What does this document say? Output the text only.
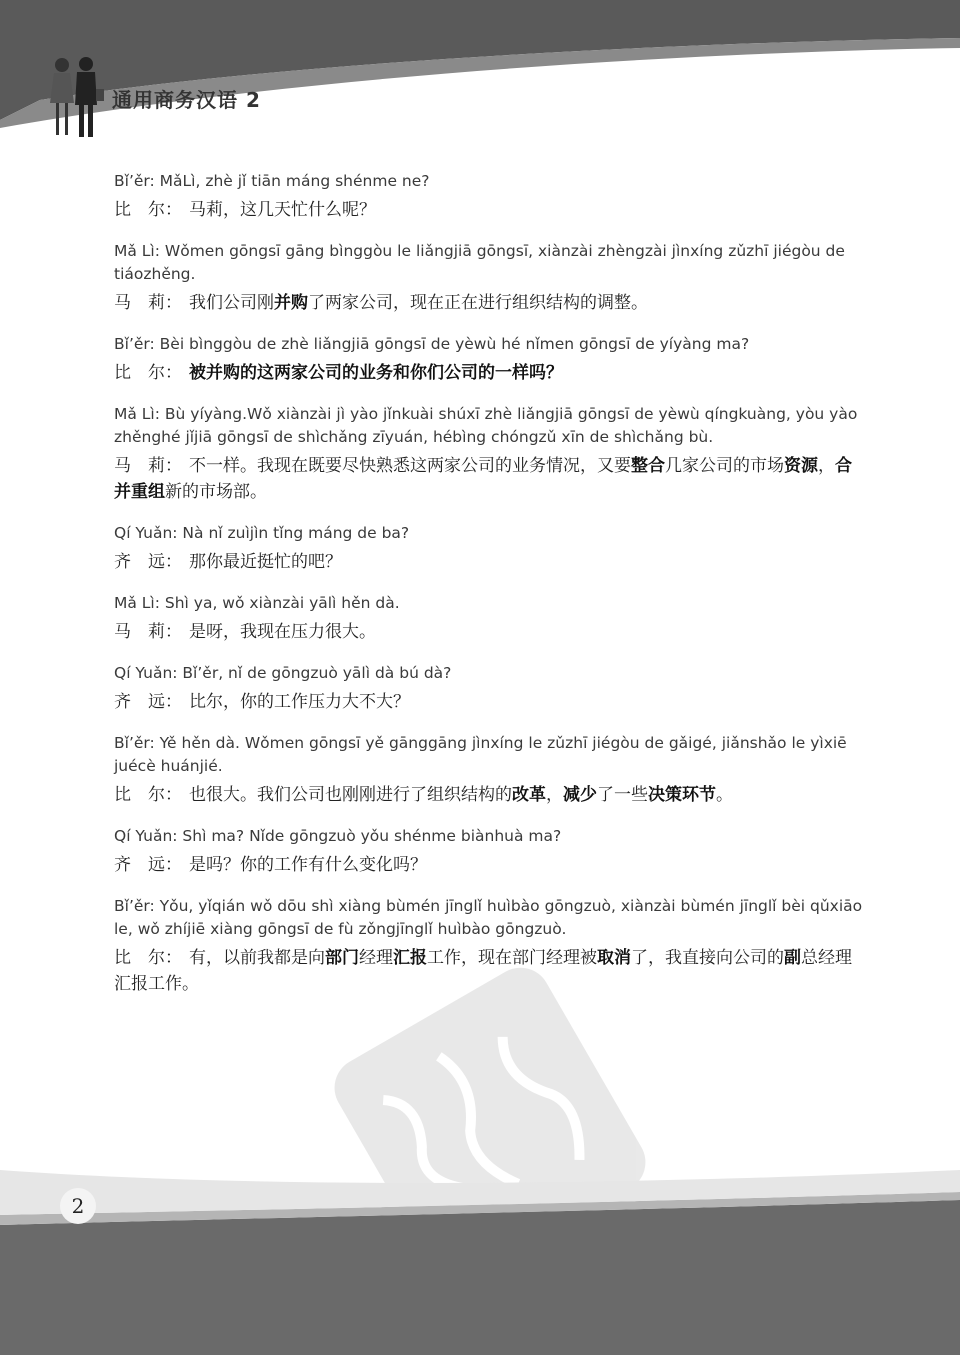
通用商务汉语 2
Bǐ’ěr: MǎLì, zhè jǐ tiān máng shénme ne?
比　尔： 马莉，这几天忙什么呢？
Mǎ Lì: Wǒmen gōngsī gāng bìnggòu le liǎngjiā gōngsī, xiànzài zhèngzài jìnxíng zǔzhī jiégòu de tiáozhěng.
马　莉： 我们公司刚并购了两家公司，现在正在进行组织结构的调整。
Bǐ’ěr: Bèi bìnggòu de zhè liǎngjiā gōngsī de yèwù hé nǐmen gōngsī de yíyàng ma?
比　尔： 被并购的这两家公司的业务和你们公司的一样吗？
Mǎ Lì: Bù yíyàng.Wǒ xiànzài jì yào jǐnkuài shúxī zhè liǎngjiā gōngsī de yèwù qíngkuàng, yòu yào zhěnghé jǐjiā gōngsī de shìchǎng zīyuán, hébìng chóngzǔ xīn de shìchǎng bù.
马　莉： 不一样。我现在既要尽快熟悉这两家公司的业务情况，又要整合几家公司的市场资源，合并重组新的市场部。
Qí Yuǎn: Nà nǐ zuìjìn tǐng máng de ba?
齐　远： 那你最近挺忙的吧？
Mǎ Lì: Shì ya, wǒ xiànzài yālì hěn dà.
马　莉： 是呀，我现在压力很大。
Qí Yuǎn: Bǐ’ěr, nǐ de gōngzuò yālì dà bú dà?
齐　远： 比尔，你的工作压力大不大？
Bǐ’ěr: Yě hěn dà. Wǒmen gōngsī yě gānggāng jìnxíng le zǔzhī jiégòu de gǎigé, jiǎnshǎo le yìxiē juécè huánjié.
比　尔： 也很大。我们公司也刚刚进行了组织结构的改革，减少了一些决策环节。
Qí Yuǎn: Shì ma? Nǐde gōngzuò yǒu shénme biànhuà ma?
齐　远： 是吗？你的工作有什么变化吗？
Bǐ’ěr: Yǒu, yǐqián wǒ dōu shì xiàng bùmén jīnglǐ huìbào gōngzuò, xiànzài bùmén jīnglǐ bèi qǔxiāo le, wǒ zhíjiē xiàng gōngsī de fù zǒngjīnglǐ huìbào gōngzuò.
比　尔： 有，以前我都是向部门经理汇报工作，现在部门经理被取消了，我直接向公司的副总经理汇报工作。
2
